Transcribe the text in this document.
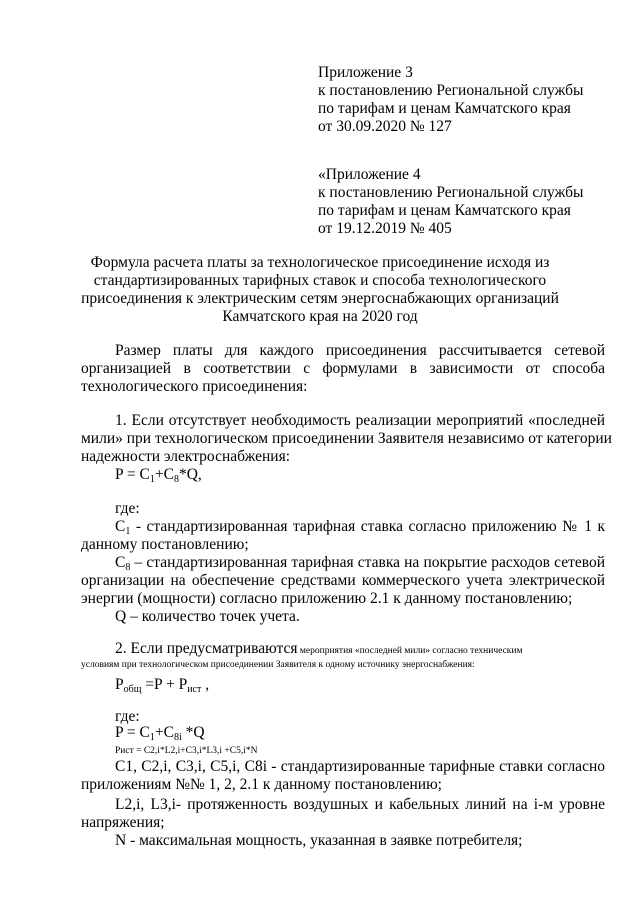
Приложение 3
к постановлению Региональной службы
по тарифам и ценам Камчатского края
от 30.09.2020 № 127
«Приложение 4
к постановлению Региональной службы
по тарифам и ценам Камчатского края
от 19.12.2019 № 405
Формула расчета платы за технологическое присоединение исходя из
стандартизированных тарифных ставок и способа технологического
присоединения к электрическим сетям энергоснабжающих организаций
Камчатского края на 2020 год
Размер платы для каждого присоединения рассчитывается сетевой
организацией в соответствии с формулами в зависимости от способа
технологического присоединения:
1. Если отсутствует необходимость реализации мероприятий «последней
мили» при технологическом присоединении Заявителя независимо от категории
надежности электроснабжения:
$P = C_1+C_8*Q$,
где:
$C_1$ - стандартизированная тарифная ставка согласно приложению № 1 к
данному постановлению;
$C_8$ – стандартизированная тарифная ставка на покрытие расходов сетевой
организации на обеспечение средствами коммерческого учета электрической
энергии (мощности) согласно приложению 2.1 к данному постановлению;
Q – количество точек учета.
2. Если предусматриваются мероприятия «последней мили» согласно техническим
условиям при технологическом присоединении Заявителя к одному источнику энергоснабжения:
$P_{общ} =P + P_{ист}$ ,
где:
$P = C_1+C_{8i}$ *Q
Pист = C2,i*L2,i+C3,i*L3,i +C5,i*N
C1, C2,i, C3,i, C5,i, C8i - стандартизированные тарифные ставки согласно
приложениям №№ 1, 2, 2.1 к данному постановлению;
L2,i, L3,i- протяженность воздушных и кабельных линий на i-м уровне
напряжения;
N - максимальная мощность, указанная в заявке потребителя;
